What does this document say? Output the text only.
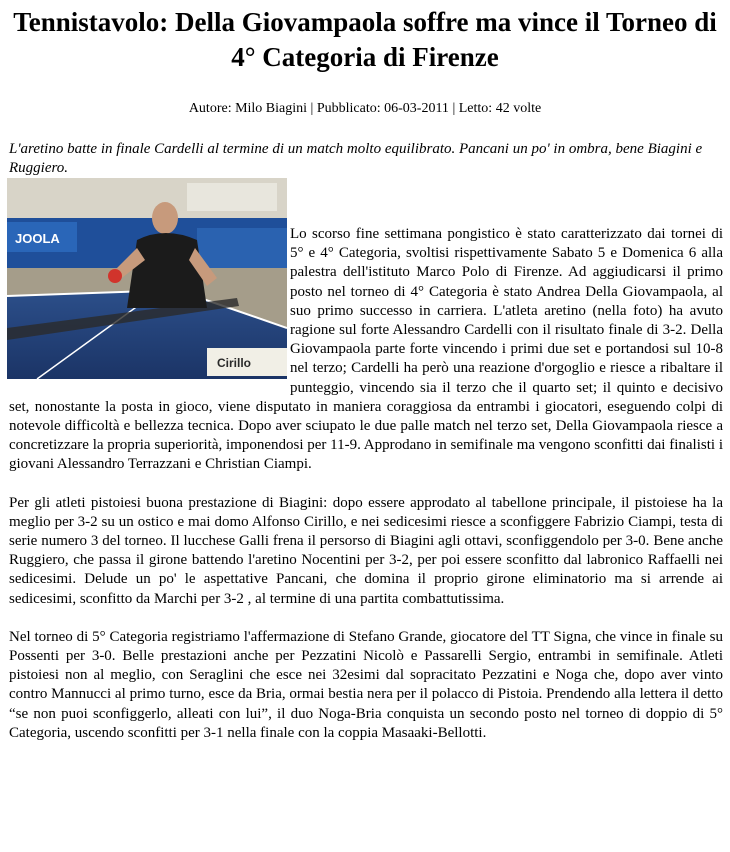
Tennistavolo: Della Giovampaola soffre ma vince il Torneo di 4° Categoria di Firenze
Autore: Milo Biagini | Pubblicato: 06-03-2011 | Letto: 42 volte
L'aretino batte in finale Cardelli al termine di un match molto equilibrato. Pancani un po' in ombra, bene Biagini e Ruggiero.
JOOLA
Cirillo

Lo scorso fine settimana pongistico è stato caratterizzato dai tornei di 5° e 4° Categoria, svoltisi rispettivamente Sabato 5 e Domenica 6 alla palestra dell'istituto Marco Polo di Firenze. Ad aggiudicarsi il primo posto nel torneo di 4° Categoria è stato Andrea Della Giovampaola, al suo primo successo in carriera. L'atleta aretino (nella foto) ha avuto ragione sul forte Alessandro Cardelli con il risultato finale di 3-2. Della Giovampaola parte forte vincendo i primi due set e portandosi sul 10-8 nel terzo; Cardelli ha però una reazione d'orgoglio e riesce a ribaltare il punteggio, vincendo sia il terzo che il quarto set; il quinto e decisivo set, nonostante la posta in gioco, viene disputato in maniera coraggiosa da entrambi i giocatori, eseguendo colpi di notevole difficoltà e bellezza tecnica. Dopo aver sciupato le due palle match nel terzo set, Della Giovampaola riesce a concretizzare la propria superiorità, imponendosi per 11-9. Approdano in semifinale ma vengono sconfitti dai finalisti i giovani Alessandro Terrazzani e Christian Ciampi.

Per gli atleti pistoiesi buona prestazione di Biagini: dopo essere approdato al tabellone principale, il pistoiese ha la meglio per 3-2 su un ostico e mai domo Alfonso Cirillo, e nei sedicesimi riesce a sconfiggere Fabrizio Ciampi, testa di serie numero 3 del torneo. Il lucchese Galli frena il persorso di Biagini agli ottavi, sconfiggendolo per 3-0. Bene anche Ruggiero, che passa il girone battendo l'aretino Nocentini per 3-2, per poi essere sconfitto dal labronico Raffaelli nei sedicesimi. Delude un po' le aspettative Pancani, che domina il proprio girone eliminatorio ma si arrende ai sedicesimi, sconfitto da Marchi per 3-2 , al termine di una partita combattutissima.

Nel torneo di 5° Categoria registriamo l'affermazione di Stefano Grande, giocatore del TT Signa, che vince in finale su Possenti per 3-0. Belle prestazioni anche per Pezzatini Nicolò e Passarelli Sergio, entrambi in semifinale. Atleti pistoiesi non al meglio, con Seraglini che esce nei 32esimi dal sopracitato Pezzatini e Noga che, dopo aver vinto contro Mannucci al primo turno, esce da Bria, ormai bestia nera per il polacco di Pistoia. Prendendo alla lettera il detto “se non puoi sconfiggerlo, alleati con lui”, il duo Noga-Bria conquista un secondo posto nel torneo di doppio di 5° Categoria, uscendo sconfitti per 3-1 nella finale con la coppia Masaaki-Bellotti.
